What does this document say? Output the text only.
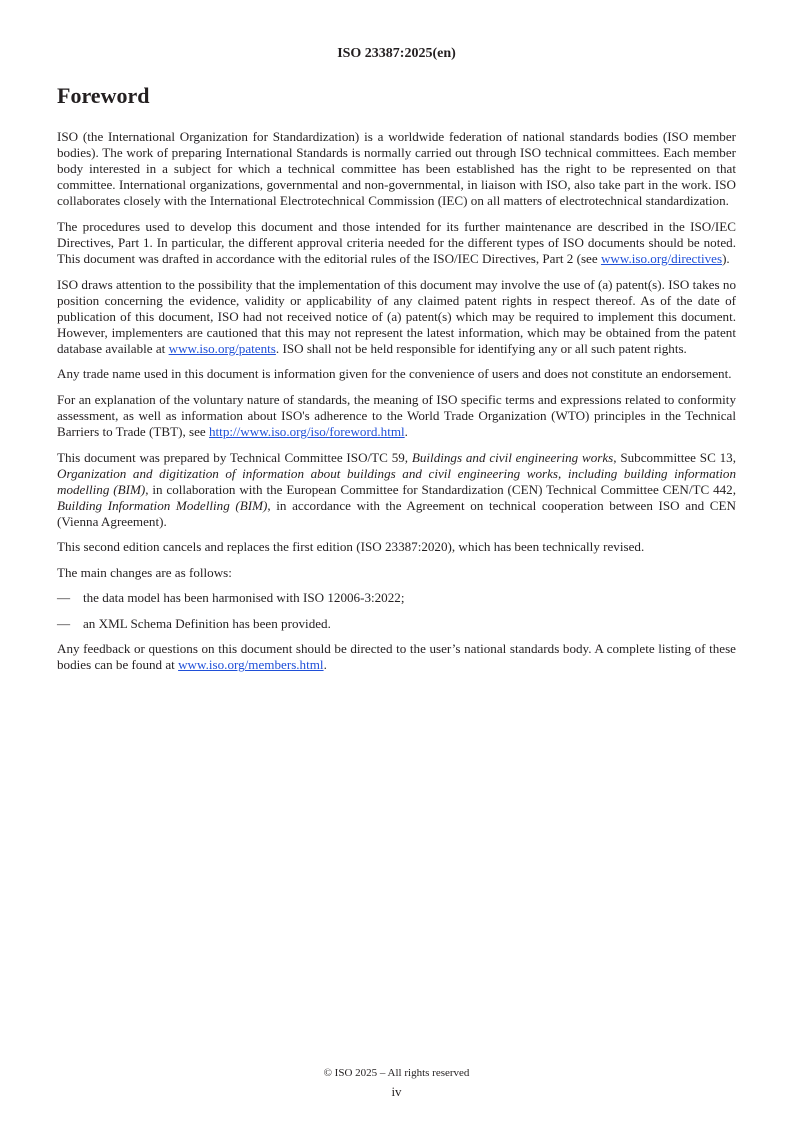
ISO 23387:2025(en)
Foreword

ISO (the International Organization for Standardization) is a worldwide federation of national standards bodies (ISO member bodies). The work of preparing International Standards is normally carried out through ISO technical committees. Each member body interested in a subject for which a technical committee has been established has the right to be represented on that committee. International organizations, governmental and non-governmental, in liaison with ISO, also take part in the work. ISO collaborates closely with the International Electrotechnical Commission (IEC) on all matters of electrotechnical standardization.

The procedures used to develop this document and those intended for its further maintenance are described in the ISO/IEC Directives, Part 1. In particular, the different approval criteria needed for the different types of ISO documents should be noted. This document was drafted in accordance with the editorial rules of the ISO/IEC Directives, Part 2 (see www.iso.org/directives).

ISO draws attention to the possibility that the implementation of this document may involve the use of (a) patent(s). ISO takes no position concerning the evidence, validity or applicability of any claimed patent rights in respect thereof. As of the date of publication of this document, ISO had not received notice of (a) patent(s) which may be required to implement this document. However, implementers are cautioned that this may not represent the latest information, which may be obtained from the patent database available at www.iso.org/patents. ISO shall not be held responsible for identifying any or all such patent rights.

Any trade name used in this document is information given for the convenience of users and does not constitute an endorsement.

For an explanation of the voluntary nature of standards, the meaning of ISO specific terms and expressions related to conformity assessment, as well as information about ISO's adherence to the World Trade Organization (WTO) principles in the Technical Barriers to Trade (TBT), see http://www.iso.org/iso/foreword.html.

This document was prepared by Technical Committee ISO/TC 59, Buildings and civil engineering works, Subcommittee SC 13, Organization and digitization of information about buildings and civil engineering works, including building information modelling (BIM), in collaboration with the European Committee for Standardization (CEN) Technical Committee CEN/TC 442, Building Information Modelling (BIM), in accordance with the Agreement on technical cooperation between ISO and CEN (Vienna Agreement).

This second edition cancels and replaces the first edition (ISO 23387:2020), which has been technically revised.

The main changes are as follows:

— the data model has been harmonised with ISO 12006-3:2022;
— an XML Schema Definition has been provided.

Any feedback or questions on this document should be directed to the user’s national standards body. A complete listing of these bodies can be found at www.iso.org/members.html.

© ISO 2025 – All rights reserved
iv
